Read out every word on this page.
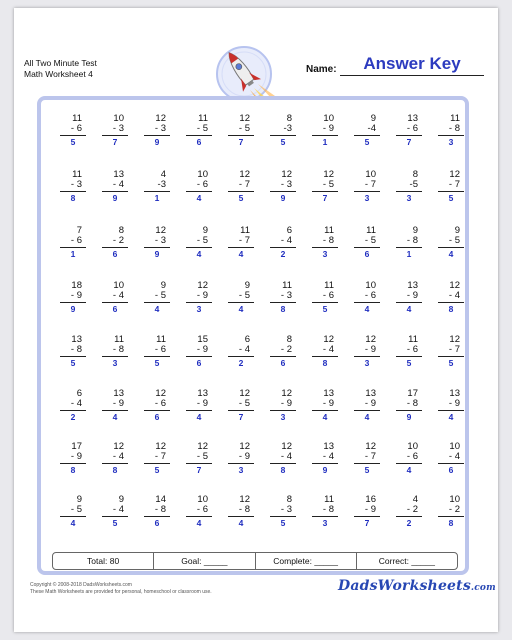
All Two Minute Test
Math Worksheet 4	Name:	Answer Key
11
- 6
5
10
- 3
7
12
- 3
9
11
- 5
6
12
- 5
7
8
-3
5
10
- 9
1
9
-4
5
13
- 6
7
11
- 8
3
11
- 3
8
13
- 4
9
4
-3
1
10
- 6
4
12
- 7
5
12
- 3
9
12
- 5
7
10
- 7
3
8
-5
3
12
- 7
5
7
- 6
1
8
- 2
6
12
- 3
9
9
- 5
4
11
- 7
4
6
- 4
2
11
- 8
3
11
- 5
6
9
- 8
1
9
- 5
4
18
- 9
9
10
- 4
6
9
- 5
4
12
- 9
3
9
- 5
4
11
- 3
8
11
- 6
5
10
- 6
4
13
- 9
4
12
- 4
8
13
- 8
5
11
- 8
3
11
- 6
5
15
- 9
6
6
- 4
2
8
- 2
6
12
- 4
8
12
- 9
3
11
- 6
5
12
- 7
5
6
- 4
2
13
- 9
4
12
- 6
6
13
- 9
4
12
- 5
7
12
- 9
3
13
- 9
4
13
- 9
4
17
- 8
9
13
- 9
4
17
- 9
8
12
- 4
8
12
- 7
5
12
- 5
7
12
- 9
3
12
- 4
8
13
- 4
9
12
- 7
5
10
- 6
4
10
- 4
6
9
- 5
4
9
- 4
5
14
- 8
6
10
- 6
4
12
- 8
4
8
- 3
5
11
- 8
3
16
- 9
7
4
- 2
2
10
- 2
8
Total: 80	Goal: _____	Complete: _____	Correct: _____
Copyright © 2008-2018 DadsWorksheets.com
These Math Worksheets are provided for personal, homeschool or classroom use.	DadsWorksheets.com
